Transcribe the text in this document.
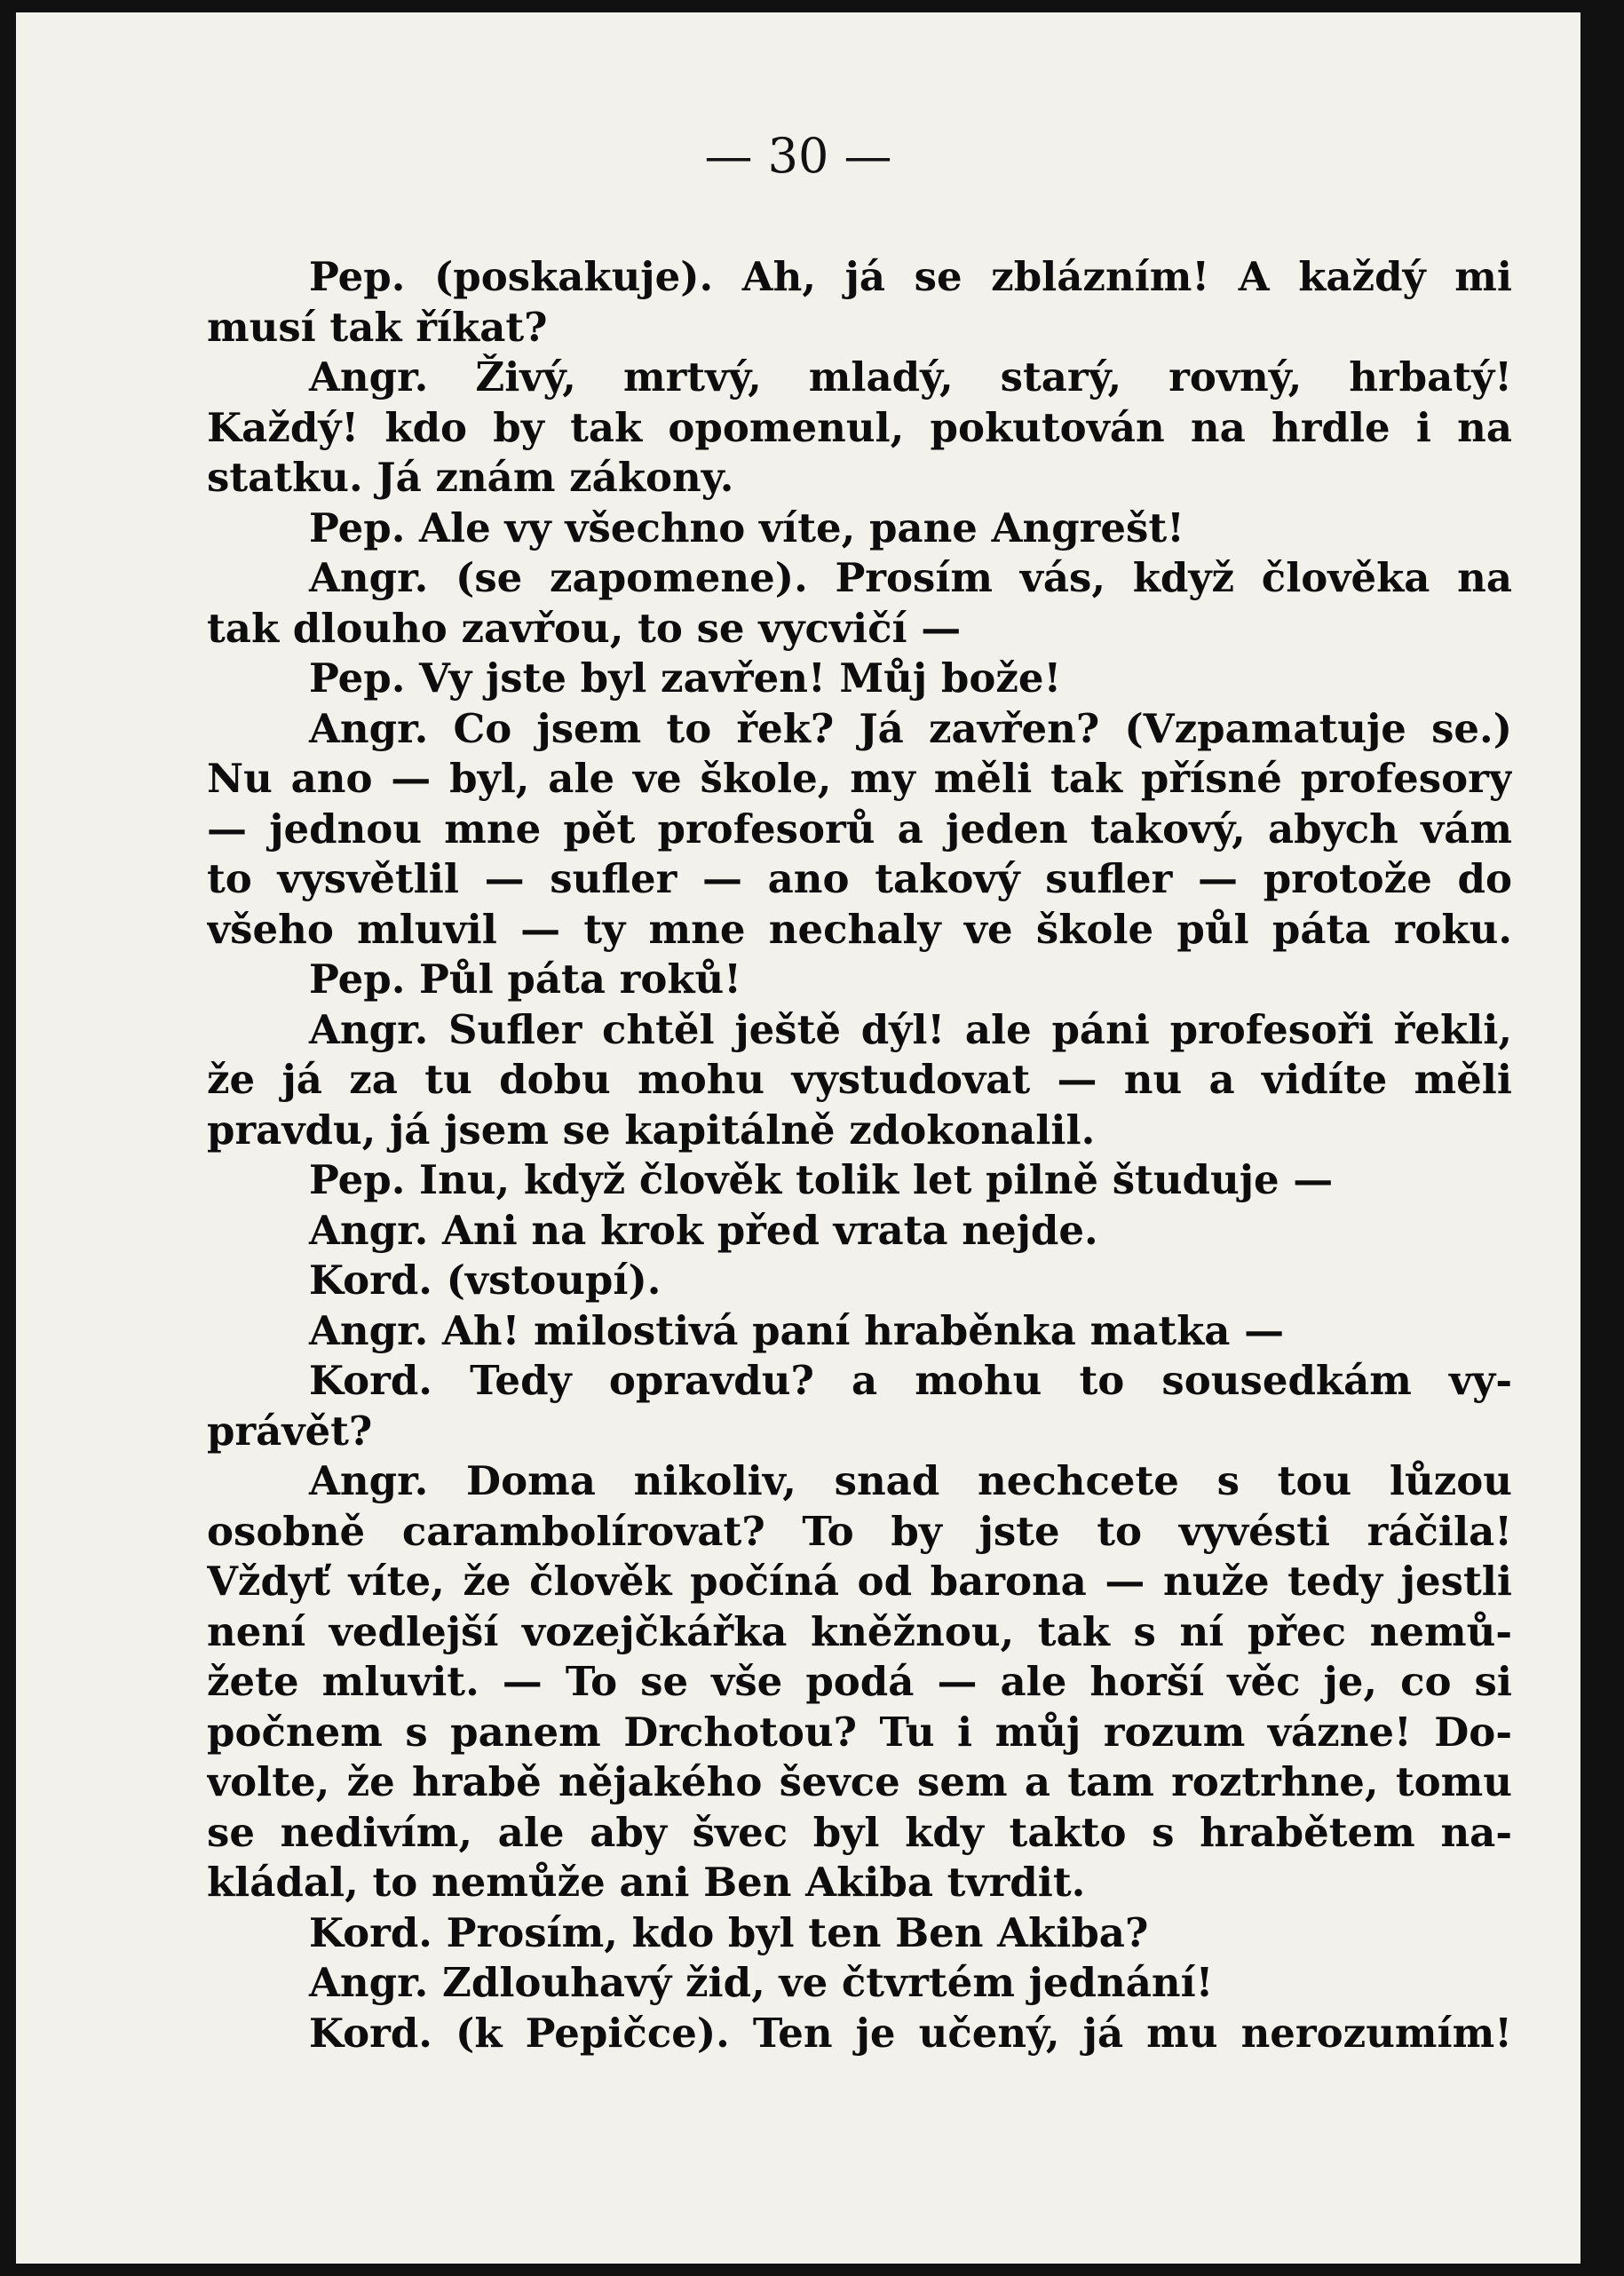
— 30 —

Pep. (poskakuje). Ah, já se zblázním! A každý mi
musí tak říkat?
Angr. Živý, mrtvý, mladý, starý, rovný, hrbatý!
Každý! kdo by tak opomenul, pokutován na hrdle i na
statku. Já znám zákony.
Pep. Ale vy všechno víte, pane Angrešt!
Angr. (se zapomene). Prosím vás, když člověka na
tak dlouho zavřou, to se vycvičí —
Pep. Vy jste byl zavřen! Můj bože!
Angr. Co jsem to řek? Já zavřen? (Vzpamatuje se.)
Nu ano — byl, ale ve škole, my měli tak přísné profesory
— jednou mne pět profesorů a jeden takový, abych vám
to vysvětlil — sufler — ano takový sufler — protože do
všeho mluvil — ty mne nechaly ve škole půl páta roku.
Pep. Půl páta roků!
Angr. Sufler chtěl ještě dýl! ale páni profesoři řekli,
že já za tu dobu mohu vystudovat — nu a vidíte měli
pravdu, já jsem se kapitálně zdokonalil.
Pep. Inu, když člověk tolik let pilně študuje —
Angr. Ani na krok před vrata nejde.
Kord. (vstoupí).
Angr. Ah! milostivá paní hraběnka matka —
Kord. Tedy opravdu? a mohu to sousedkám vy-
právět?
Angr. Doma nikoliv, snad nechcete s tou lůzou
osobně carambolírovat? To by jste to vyvésti ráčila!
Vždyť víte, že člověk počíná od barona — nuže tedy jestli
není vedlejší vozejčkářka kněžnou, tak s ní přec nemů-
žete mluvit. — To se vše podá — ale horší věc je, co si
počnem s panem Drchotou? Tu i můj rozum vázne! Do-
volte, že hrabě nějakého ševce sem a tam roztrhne, tomu
se nedivím, ale aby švec byl kdy takto s hrabětem na-
kládal, to nemůže ani Ben Akiba tvrdit.
Kord. Prosím, kdo byl ten Ben Akiba?
Angr. Zdlouhavý žid, ve čtvrtém jednání!
Kord. (k Pepičce). Ten je učený, já mu nerozumím!
